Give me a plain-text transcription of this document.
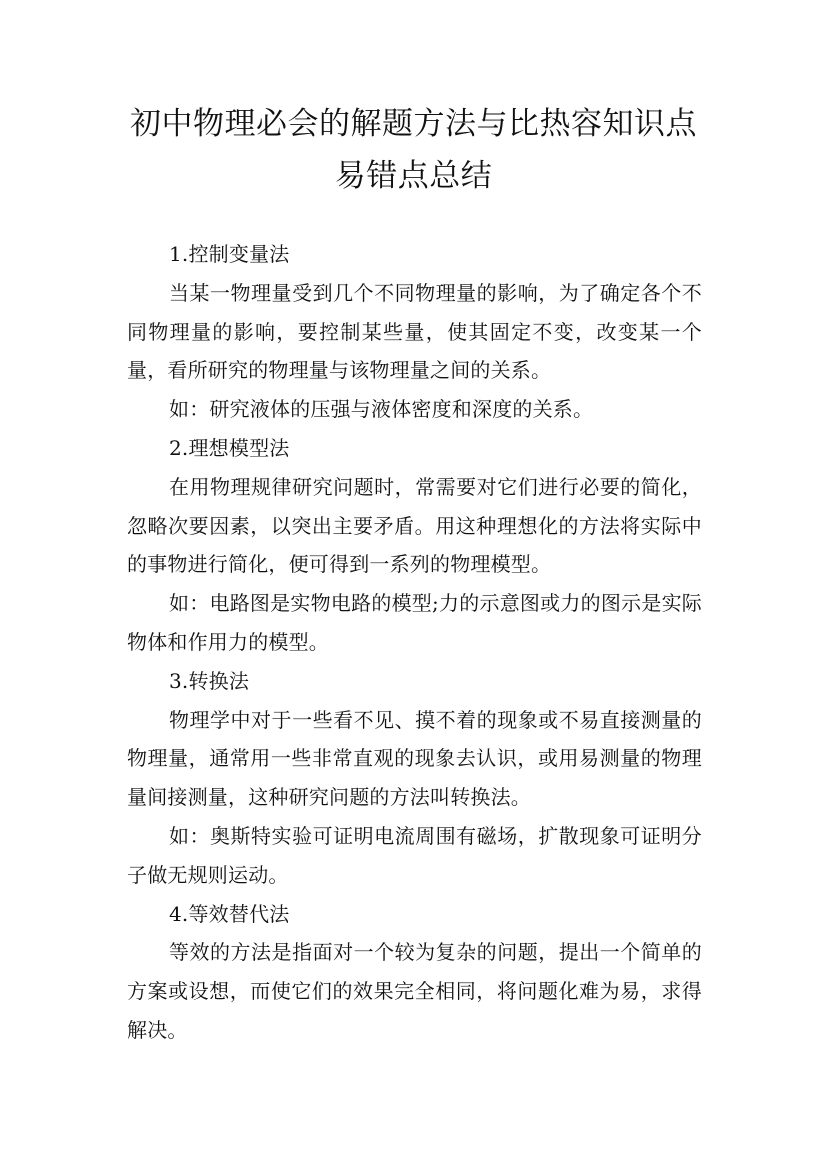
初中物理必会的解题方法与比热容知识点
易错点总结

1.控制变量法

当某一物理量受到几个不同物理量的影响，为了确定各个不同物理量的影响，要控制某些量，使其固定不变，改变某一个量，看所研究的物理量与该物理量之间的关系。

如：研究液体的压强与液体密度和深度的关系。

2.理想模型法

在用物理规律研究问题时，常需要对它们进行必要的简化，忽略次要因素，以突出主要矛盾。用这种理想化的方法将实际中的事物进行简化，便可得到一系列的物理模型。

如：电路图是实物电路的模型;力的示意图或力的图示是实际物体和作用力的模型。

3.转换法

物理学中对于一些看不见、摸不着的现象或不易直接测量的物理量，通常用一些非常直观的现象去认识，或用易测量的物理量间接测量，这种研究问题的方法叫转换法。

如：奥斯特实验可证明电流周围有磁场，扩散现象可证明分子做无规则运动。

4.等效替代法

等效的方法是指面对一个较为复杂的问题，提出一个简单的方案或设想，而使它们的效果完全相同，将问题化难为易，求得解决。
